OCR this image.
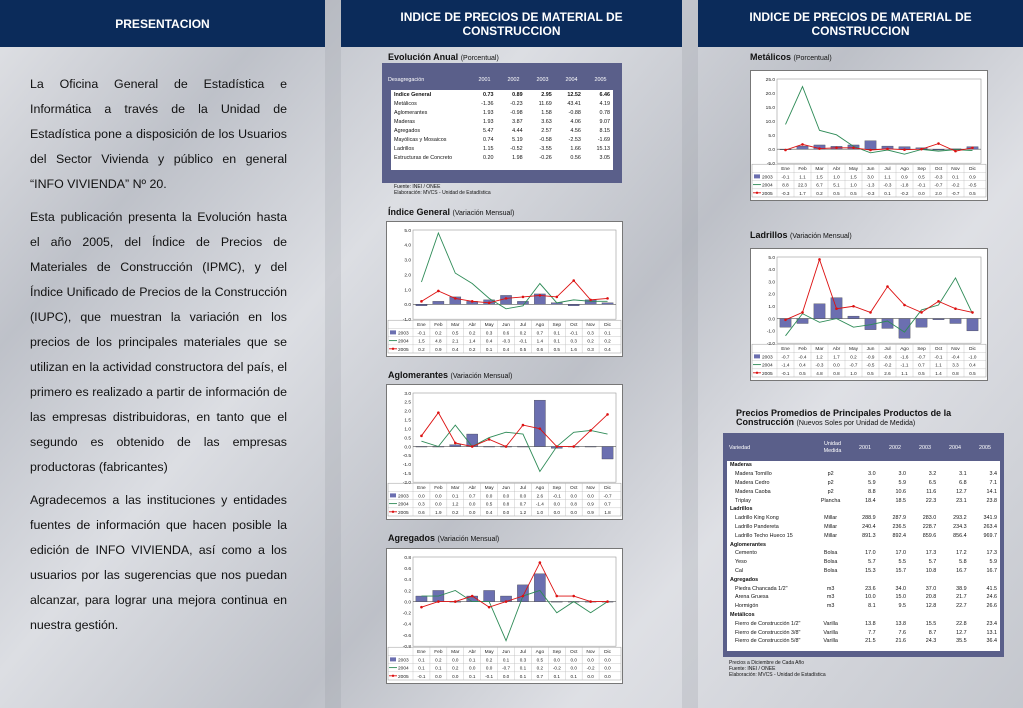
PRESENTACION

La Oficina General de Estadística e Informática a través de la Unidad de Estadística pone a disposición de los Usuarios del Sector Vivienda y público en general “INFO VIVIENDA” Nº 20.

Esta publicación presenta la Evolución hasta el año 2005, del Índice de Precios de Materiales de Construcción (IPMC), y del Índice Unificado de Precios de la Construcción (IUPC), que muestran la variación en los precios de los principales materiales que se utilizan en la actividad constructora del país, el primero es realizado a partir de información de las empresas distribuidoras, en tanto que el segundo es obtenido de las empresas productoras (fabricantes)

Agradecemos a las instituciones y entidades fuentes de información que hacen posible la edición de INFO VIVIENDA, así como a los usuarios por las sugerencias que nos puedan alcanzar, para lograr una mejora continua en nuestra gestión.

INDICE DE PRECIOS DE MATERIAL DE CONSTRUCCION
Evolución Anual (Porcentual)
Desagregación	2001	2002	2003	2004	2005
Indice General	0.73	0.89	2.95	12.52	6.46
Metálicos	-1.36	-0.23	11.69	43.41	4.19
Aglomerantes	1.93	-0.98	1.58	-0.88	0.78
Maderas	1.93	3.87	3.63	4.06	9.07
Agregados	5.47	4.44	2.57	4.56	8.15
Mayólicas y Mosaicos	0.74	5.19	-0.58	-2.53	-1.69
Ladrillos	1.15	-0.52	-3.55	1.66	15.13
Estructuras de Concreto	0.20	1.98	-0.26	0.56	3.05
Fuente: INEI / ONEE
Elaboración: MVCS - Unidad de Estadística
Índice General (Variación Mensual)
5.0
4.0
3.0
2.0
1.0
0.0
-1.0
Ene Feb Mar Abr May Jun Jul Ago Sep Oct Nov Dic
2003 -0.1 0.2 0.5 0.2 0.3 0.6 0.2 0.7 0.1 -0.1 0.3 0.1
2004 1.5 4.8 2.1 1.4 0.4 -0.3 -0.1 1.4 0.1 0.3 0.2 0.2
2005 0.2 0.9 0.4 0.2 0.1 0.4 0.5 0.6 0.5 1.6 0.3 0.4
Aglomerantes (Variación Mensual)
3.0
2.5
2.0
1.5
1.0
0.5
0.0
-0.5
-1.0
-1.5
-2.0
Ene Feb Mar Abr May Jun Jul Ago Sep Oct Nov Dic
2003 0.0 0.0 0.1 0.7 0.0 0.0 0.0 2.6 -0.1 0.0 0.0 -0.7
2004 0.3 0.0 1.2 0.0 0.5 0.8 0.7 -1.4 0.0 0.8 0.9 0.7
2005 0.6 1.9 0.2 0.0 0.4 0.0 1.2 1.0 0.0 0.0 0.9 1.8
Agregados (Variación Mensual)
0.8
0.6
0.4
0.2
0.0
-0.2
-0.4
-0.6
-0.8
Ene Feb Mar Abr May Jun Jul Ago Sep Oct Nov Dic
2003 0.1 0.2 0.0 0.1 0.2 0.1 0.3 0.5 0.0 0.0 0.0 0.0
2004 0.1 0.1 0.2 0.0 0.0 -0.7 0.1 0.2 -0.2 0.0 -0.2 0.0
2005 -0.1 0.0 0.0 0.1 -0.1 0.0 0.1 0.7 0.1 0.1 0.0 0.0
INDICE DE PRECIOS DE MATERIAL DE CONSTRUCCION
Metálicos (Porcentual)
25.0
20.0
15.0
10.0
5.0
0.0
-5.0
Ene Feb Mar Abr May Jun Jul Ago Sep Oct Nov Dic
2003 -0.1 1.1 1.5 1.0 1.5 3.0 1.1 0.9 0.5 -0.3 0.1 0.9
2004 8.8 22.3 6.7 5.1 1.0 -1.3 -0.3 -1.8 -0.1 -0.7 -0.2 -0.5
2005 -0.3 1.7 0.2 0.5 0.5 -0.3 0.1 -0.2 0.0 2.0 -0.7 0.5
Ladrillos (Variación Mensual)
5.0
4.0
3.0
2.0
1.0
0.0
-1.0
-2.0
Ene Feb Mar Abr May Jun Jul Ago Sep Oct Nov Dic
2003 -0.7 -0.4 1.2 1.7 0.2 -0.9 -0.8 -1.6 -0.7 -0.1 -0.4 -1.0
2004 -1.4 0.4 -0.3 0.0 -0.7 -0.5 -0.2 -1.1 0.7 1.1 3.3 0.4
2005 -0.1 0.5 4.8 0.8 1.0 0.5 2.6 1.1 0.5 1.4 0.8 0.5
Precios Promedios de Principales Productos de la
Construcción (Nuevos Soles por Unidad de Medida)
Variedad
Unidad Medida	2001	2002	2003	2004	2005
Maderas						
Madera Tornillo	p2	3.0	3.0	3.2	3.1	3.4
Madera Cedro	p2	5.9	5.9	6.5	6.8	7.1
Madera Caoba	p2	8.8	10.6	11.6	12.7	14.1
Triplay	Plancha	18.4	18.5	22.3	23.1	23.8
Ladrillos						
Ladrillo King Kong	Millar	288.9	287.9	283.0	293.2	341.9
Ladrillo Pandereta	Millar	240.4	236.5	228.7	234.3	263.4
Ladrillo Techo Hueco 15	Millar	891.3	892.4	859.6	856.4	969.7
Aglomerantes						
Cemento	Bolsa	17.0	17.0	17.3	17.2	17.3
Yeso	Bolsa	5.7	5.5	5.7	5.8	5.9
Cal	Bolsa	15.3	15.7	10.8	16.7	16.7
Agregados						
Piedra Chancada 1/2"	m3	23.6	34.0	37.0	38.9	41.5
Arena Gruesa	m3	10.0	15.0	20.8	21.7	24.6
Hormigón	m3	8.1	9.5	12.8	22.7	26.6
Metálicos						
Fierro de Construcción 1/2"	Varilla	13.8	13.8	15.5	22.8	23.4
Fierro de Construcción 3/8"	Varilla	7.7	7.6	8.7	12.7	13.1
Fierro de Construcción 5/8"	Varilla	21.5	21.6	24.3	35.5	36.4
Precios a Diciembre de Cada Año
Fuente: INEI / ONEE
Elaboración: MVCS - Unidad de Estadística
